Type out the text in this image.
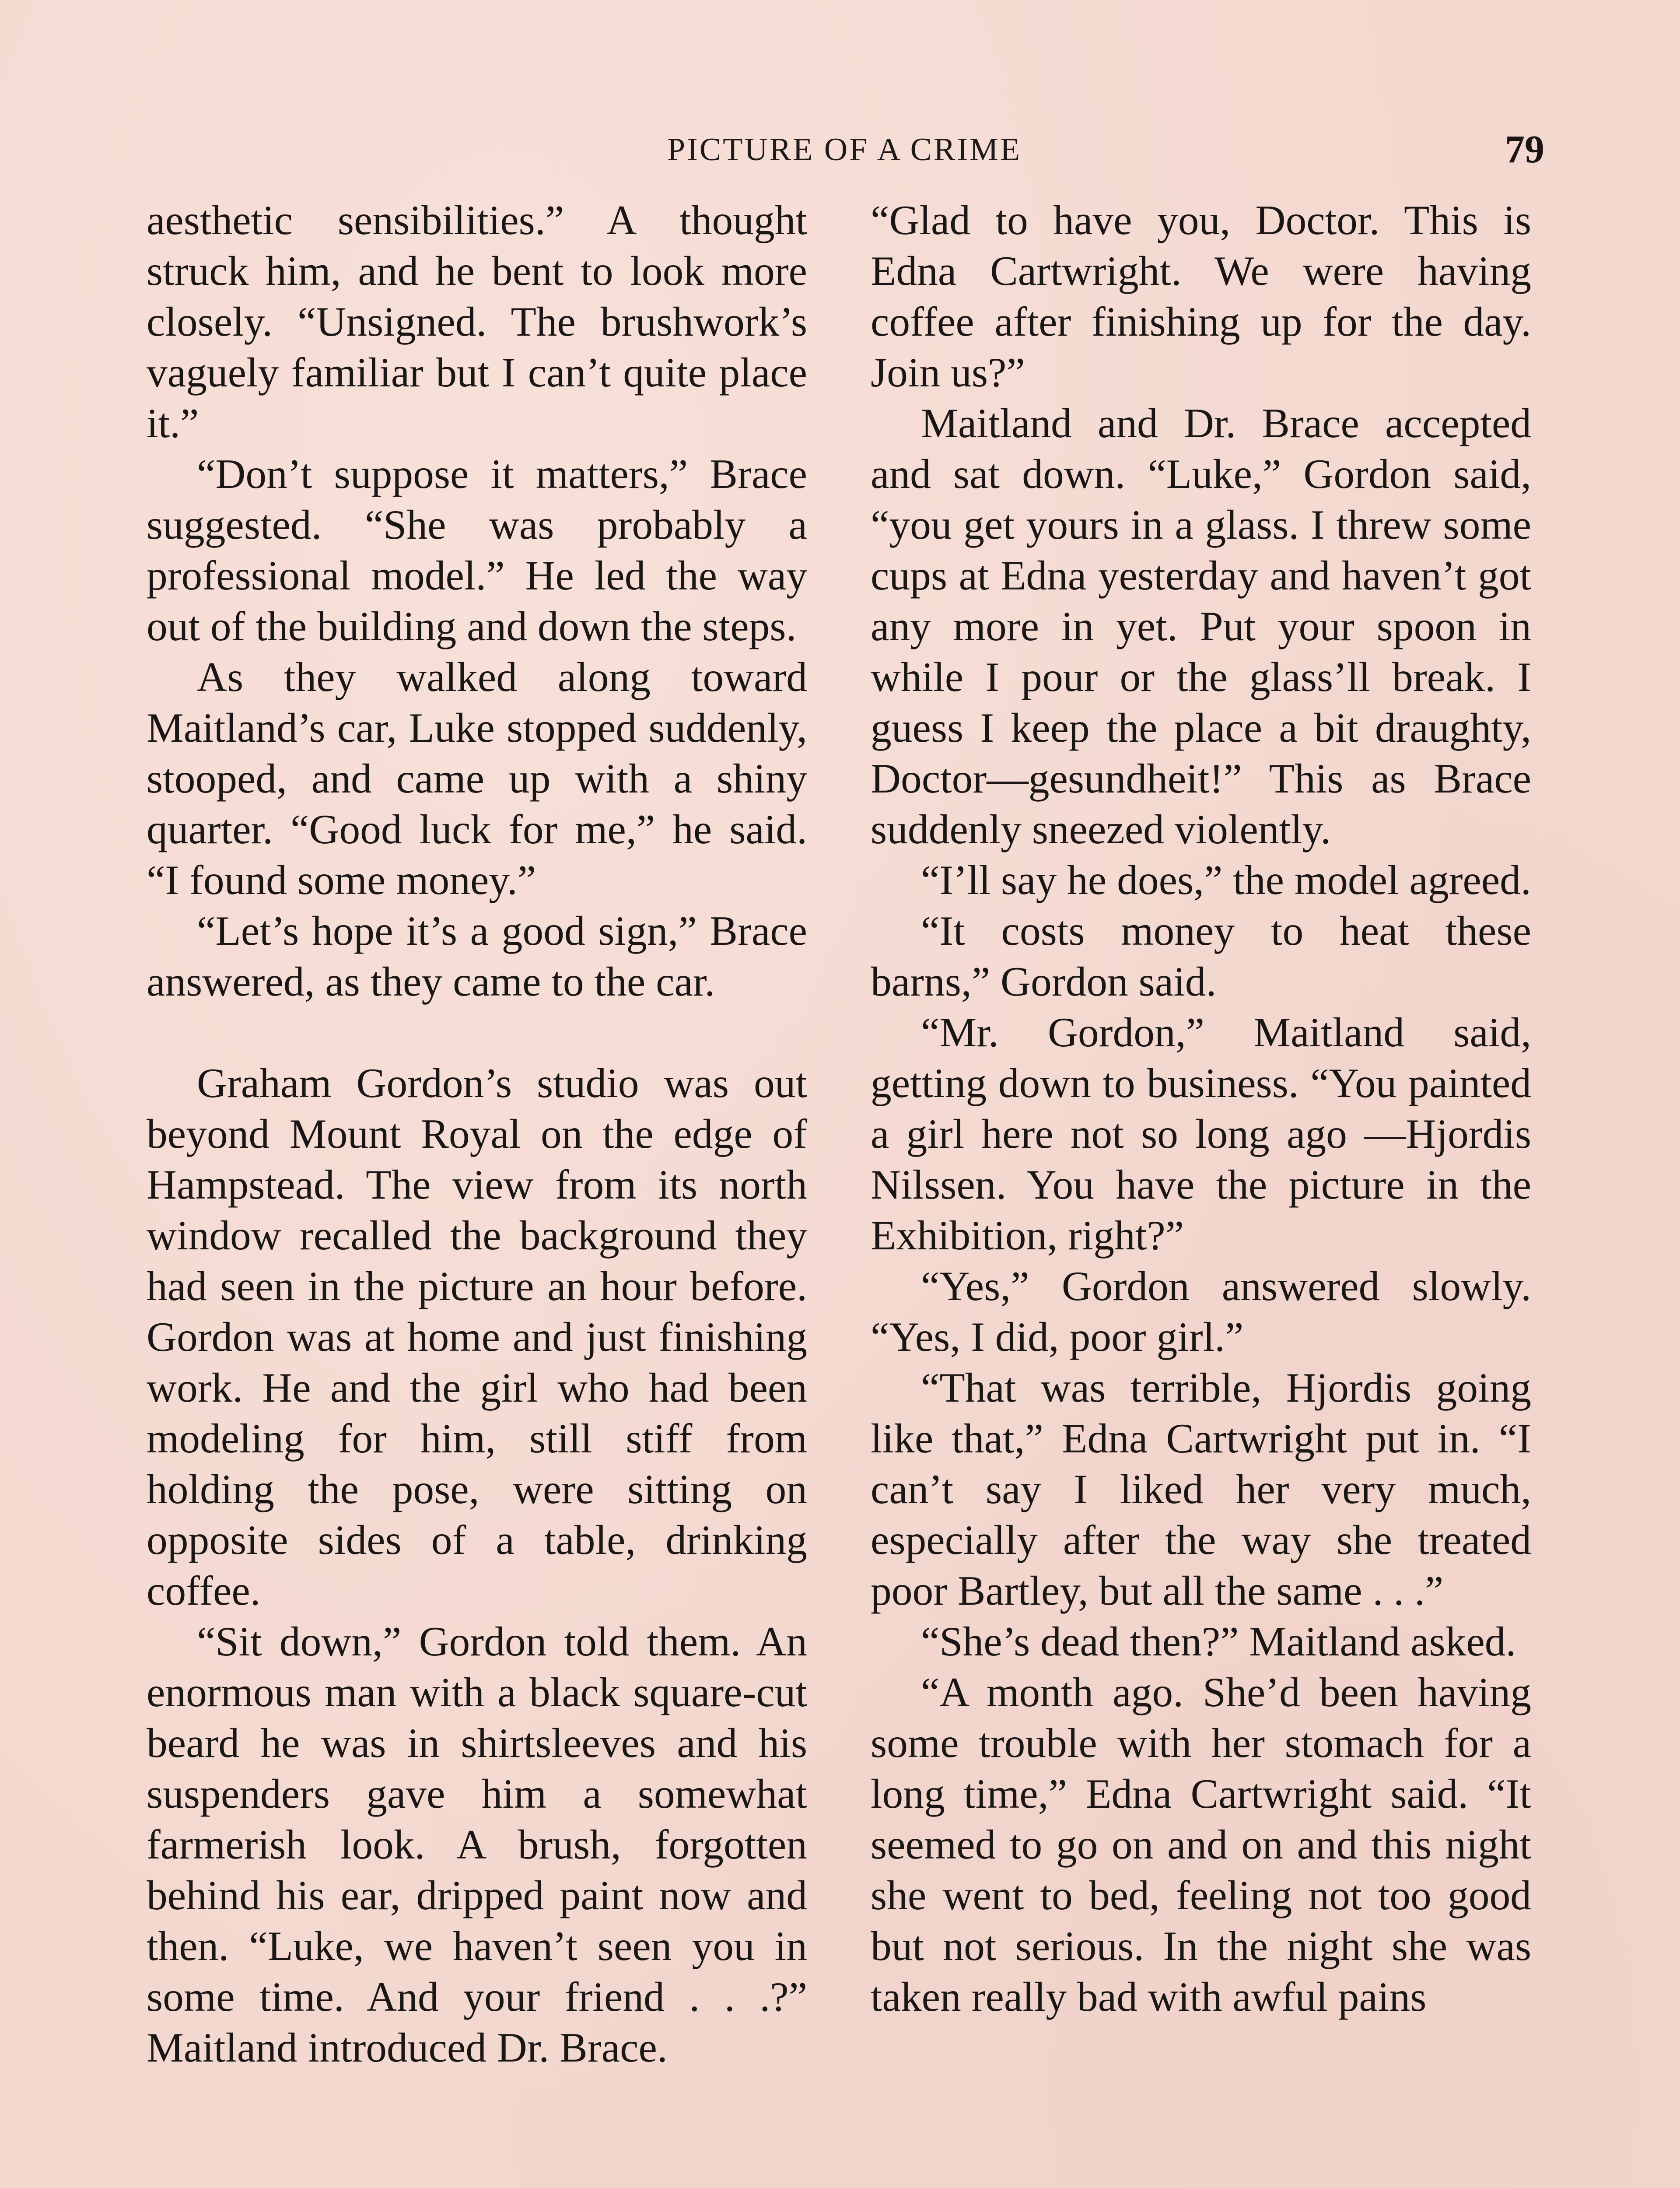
PICTURE OF A CRIME	79

aesthetic sensibilities.” A thought struck him, and he bent to look more closely. “Unsigned. The brushwork’s vaguely familiar but I can’t quite place it.”

“Don’t suppose it matters,” Brace suggested. “She was probably a professional model.” He led the way out of the building and down the steps.

As they walked along toward Maitland’s car, Luke stopped suddenly, stooped, and came up with a shiny quarter. “Good luck for me,” he said. “I found some money.”

“Let’s hope it’s a good sign,” Brace answered, as they came to the car.

Graham Gordon’s studio was out beyond Mount Royal on the edge of Hampstead. The view from its north window recalled the background they had seen in the picture an hour before. Gordon was at home and just finishing work. He and the girl who had been modeling for him, still stiff from holding the pose, were sitting on opposite sides of a table, drinking coffee.

“Sit down,” Gordon told them. An enormous man with a black square-cut beard he was in shirtsleeves and his suspenders gave him a somewhat farmerish look. A brush, forgotten behind his ear, dripped paint now and then. “Luke, we haven’t seen you in some time. And your friend . . .?” Maitland introduced Dr. Brace.

“Glad to have you, Doctor. This is Edna Cartwright. We were having coffee after finishing up for the day. Join us?”

Maitland and Dr. Brace accepted and sat down. “Luke,” Gordon said, “you get yours in a glass. I threw some cups at Edna yesterday and haven’t got any more in yet. Put your spoon in while I pour or the glass’ll break. I guess I keep the place a bit draughty, Doctor—gesundheit!” This as Brace suddenly sneezed violently.

“I’ll say he does,” the model agreed.

“It costs money to heat these barns,” Gordon said.

“Mr. Gordon,” Maitland said, getting down to business. “You painted a girl here not so long ago —Hjordis Nilssen. You have the picture in the Exhibition, right?”

“Yes,” Gordon answered slowly. “Yes, I did, poor girl.”

“That was terrible, Hjordis going like that,” Edna Cartwright put in. “I can’t say I liked her very much, especially after the way she treated poor Bartley, but all the same . . .”

“She’s dead then?” Maitland asked.

“A month ago. She’d been having some trouble with her stomach for a long time,” Edna Cartwright said. “It seemed to go on and on and this night she went to bed, feeling not too good but not serious. In the night she was taken really bad with awful pains
